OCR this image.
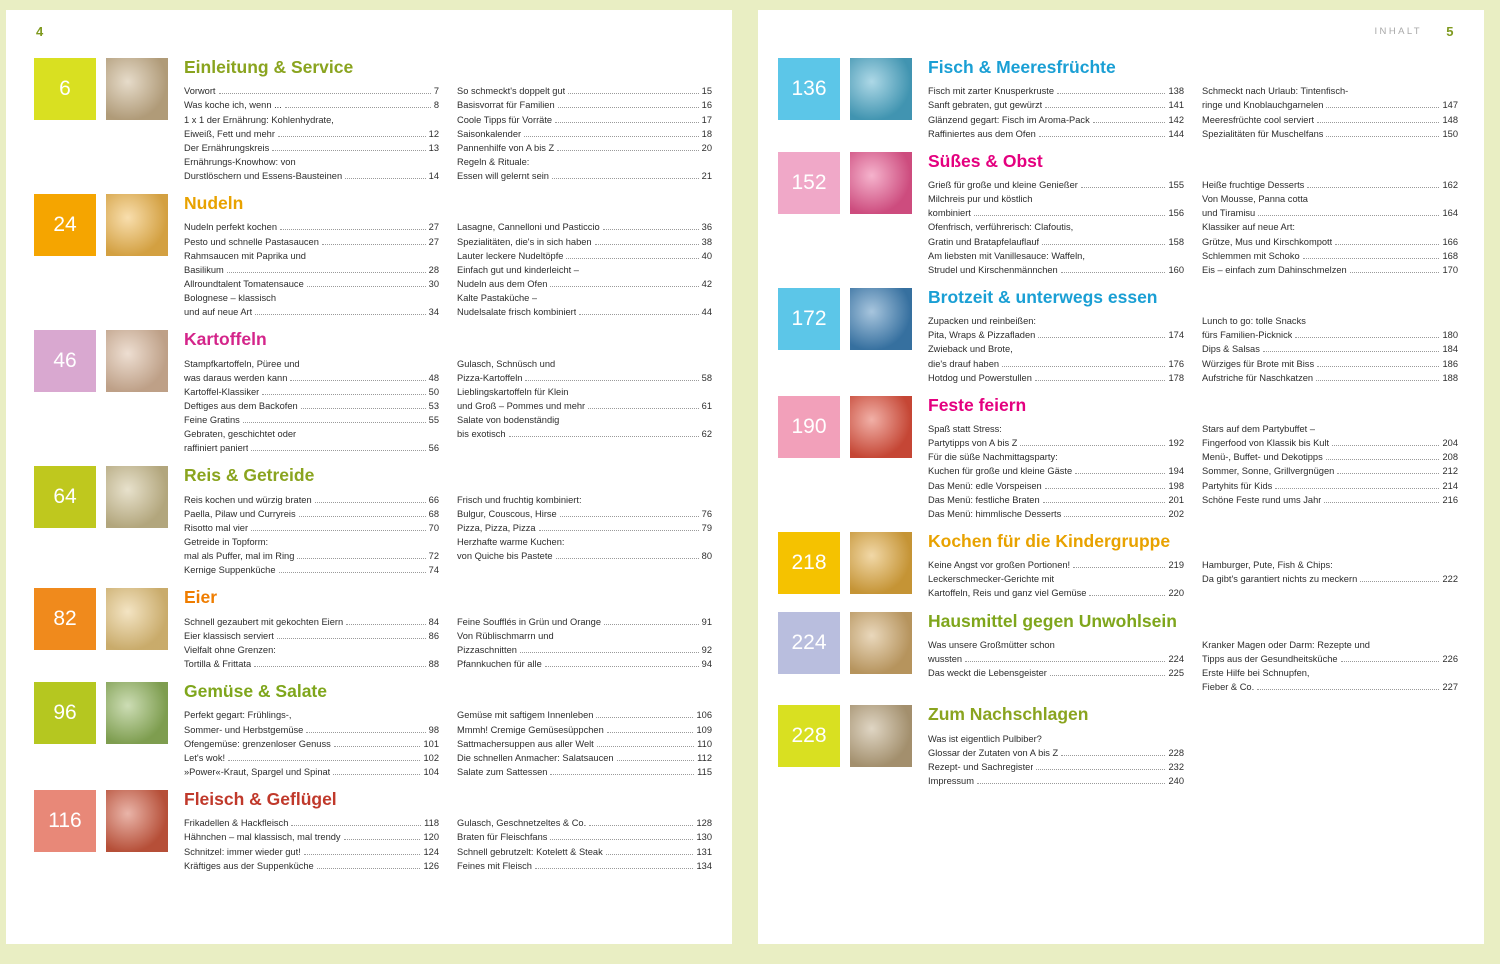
4
6
Einleitung & Service
Vorwort	7
Was koche ich, wenn ...	8
1 x 1 der Ernährung: Kohlenhydrate,
Eiweiß, Fett und mehr	12
Der Ernährungskreis	13
Ernährungs-Knowhow: von
Durstlöschern und Essens-Bausteinen	14
So schmeckt's doppelt gut	15
Basisvorrat für Familien	16
Coole Tipps für Vorräte	17
Saisonkalender	18
Pannenhilfe von A bis Z	20
Regeln & Rituale:
Essen will gelernt sein	21
24
Nudeln
Nudeln perfekt kochen	27
Pesto und schnelle Pastasaucen	27
Rahmsaucen mit Paprika und
Basilikum	28
Allroundtalent Tomatensauce	30
Bolognese – klassisch
und auf neue Art	34
Lasagne, Cannelloni und Pasticcio	36
Spezialitäten, die's in sich haben	38
Lauter leckere Nudeltöpfe	40
Einfach gut und kinderleicht –
Nudeln aus dem Ofen	42
Kalte Pastaküche –
Nudelsalate frisch kombiniert	44
46
Kartoffeln
Stampfkartoffeln, Püree und
was daraus werden kann	48
Kartoffel-Klassiker	50
Deftiges aus dem Backofen	53
Feine Gratins	55
Gebraten, geschichtet oder
raffiniert paniert	56
Gulasch, Schnüsch und
Pizza-Kartoffeln	58
Lieblingskartoffeln für Klein
und Groß – Pommes und mehr	61
Salate von bodenständig
bis exotisch	62
64
Reis & Getreide
Reis kochen und würzig braten	66
Paella, Pilaw und Curryreis	68
Risotto mal vier	70
Getreide in Topform:
mal als Puffer, mal im Ring	72
Kernige Suppenküche	74
Frisch und fruchtig kombiniert:
Bulgur, Couscous, Hirse	76
Pizza, Pizza, Pizza	79
Herzhafte warme Kuchen:
von Quiche bis Pastete	80
82
Eier
Schnell gezaubert mit gekochten Eiern	84
Eier klassisch serviert	86
Vielfalt ohne Grenzen:
Tortilla & Frittata	88
Feine Soufflés in Grün und Orange	91
Von Rüblischmarrn und
Pizzaschnitten	92
Pfannkuchen für alle	94
96
Gemüse & Salate
Perfekt gegart: Frühlings-,
Sommer- und Herbstgemüse	98
Ofengemüse: grenzenloser Genuss	101
Let's wok!	102
»Power«-Kraut, Spargel und Spinat	104
Gemüse mit saftigem Innenleben	106
Mmmh! Cremige Gemüsesüppchen	109
Sattmachersuppen aus aller Welt	110
Die schnellen Anmacher: Salatsaucen	112
Salate zum Sattessen	115
116
Fleisch & Geflügel
Frikadellen & Hackfleisch	118
Hähnchen – mal klassisch, mal trendy	120
Schnitzel: immer wieder gut!	124
Kräftiges aus der Suppenküche	126
Gulasch, Geschnetzeltes & Co.	128
Braten für Fleischfans	130
Schnell gebrutzelt: Kotelett & Steak	131
Feines mit Fleisch	134
INHALT 5
136
Fisch & Meeresfrüchte
Fisch mit zarter Knusperkruste	138
Sanft gebraten, gut gewürzt	141
Glänzend gegart: Fisch im Aroma-Pack	142
Raffiniertes aus dem Ofen	144
Schmeckt nach Urlaub: Tintenfisch-
ringe und Knoblauchgarnelen	147
Meeresfrüchte cool serviert	148
Spezialitäten für Muschelfans	150
152
Süßes & Obst
Grieß für große und kleine Genießer	155
Milchreis pur und köstlich
kombiniert	156
Ofenfrisch, verführerisch: Clafoutis,
Gratin und Bratapfelauflauf	158
Am liebsten mit Vanillesauce: Waffeln,
Strudel und Kirschenmännchen	160
Heiße fruchtige Desserts	162
Von Mousse, Panna cotta
und Tiramisu	164
Klassiker auf neue Art:
Grütze, Mus und Kirschkompott	166
Schlemmen mit Schoko	168
Eis – einfach zum Dahinschmelzen	170
172
Brotzeit & unterwegs essen
Zupacken und reinbeißen:
Pita, Wraps & Pizzafladen	174
Zwieback und Brote,
die's drauf haben	176
Hotdog und Powerstullen	178
Lunch to go: tolle Snacks
fürs Familien-Picknick	180
Dips & Salsas	184
Würziges für Brote mit Biss	186
Aufstriche für Naschkatzen	188
190
Feste feiern
Spaß statt Stress:
Partytipps von A bis Z	192
Für die süße Nachmittagsparty:
Kuchen für große und kleine Gäste	194
Das Menü: edle Vorspeisen	198
Das Menü: festliche Braten	201
Das Menü: himmlische Desserts	202
Stars auf dem Partybuffet –
Fingerfood von Klassik bis Kult	204
Menü-, Buffet- und Dekotipps	208
Sommer, Sonne, Grillvergnügen	212
Partyhits für Kids	214
Schöne Feste rund ums Jahr	216
218
Kochen für die Kindergruppe
Keine Angst vor großen Portionen!	219
Leckerschmecker-Gerichte mit
Kartoffeln, Reis und ganz viel Gemüse	220
Hamburger, Pute, Fish & Chips:
Da gibt's garantiert nichts zu meckern	222
224
Hausmittel gegen Unwohlsein
Was unsere Großmütter schon
wussten	224
Das weckt die Lebensgeister	225
Kranker Magen oder Darm: Rezepte und
Tipps aus der Gesundheitsküche	226
Erste Hilfe bei Schnupfen,
Fieber & Co.	227
228
Zum Nachschlagen
Was ist eigentlich Pulbiber?
Glossar der Zutaten von A bis Z	228
Rezept- und Sachregister	232
Impressum	240
